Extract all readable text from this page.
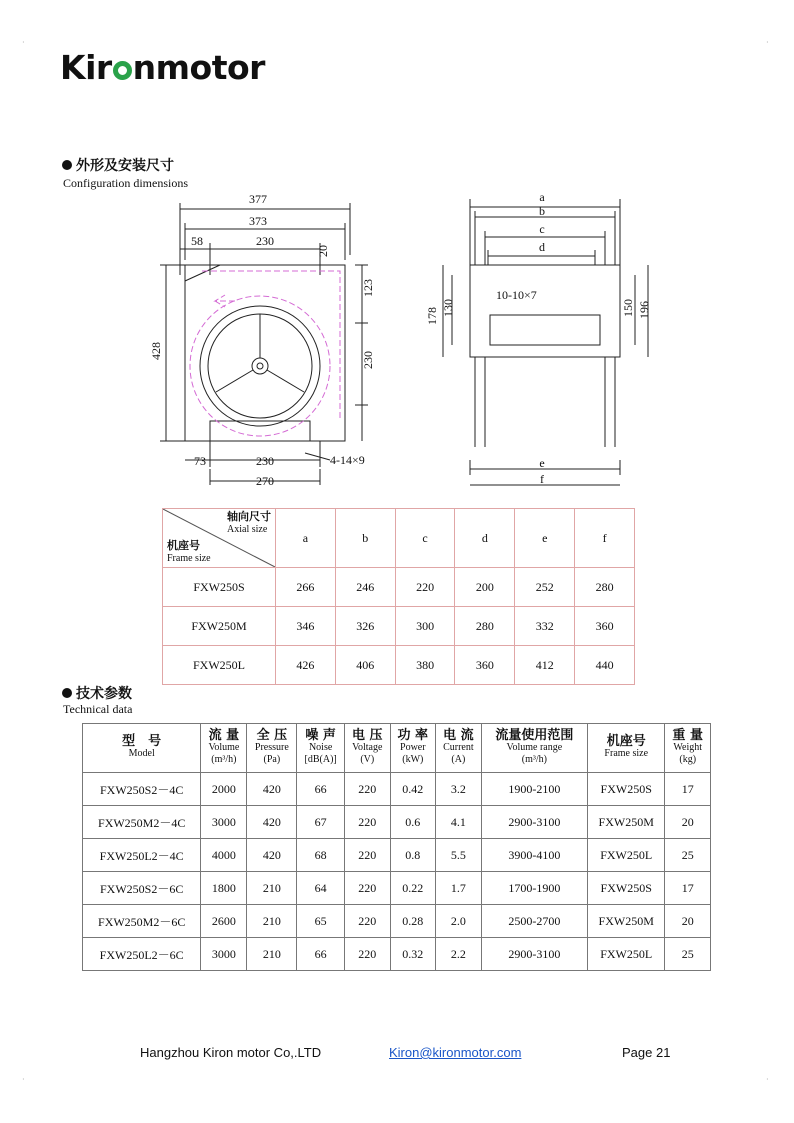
·	·
·	·
Kir nmotor
外形及安装尺寸
Configuration dimensions
377
373
58	230
20
123
428	230
73	230
270
4-14×9
a
b
c
d
178 130	150 196
e
f
10-10×7
轴向尺寸
Axial size
机座号
Frame size	a	b	c	d	e	f
FXW250S	266	246	220	200	252	280
FXW250M	346	326	300	280	332	360
FXW250L	426	406	380	360	412	440
技术参数
Technical data
型　号
Model	流 量
Volume
(m³/h)	全 压
Pressure
(Pa)	噪 声
Noise
[dB(A)]	电 压
Voltage
(V)	功 率
Power
(kW)	电 流
Current
(A)	流量使用范围
Volume range
(m³/h)	机座号
Frame size	重 量
Weight
(kg)

FXW250S2－4C	2000	420	66	220	0.42	3.2	1900-2100	FXW250S	17
FXW250M2－4C	3000	420	67	220	0.6	4.1	2900-3100	FXW250M	20
FXW250L2－4C	4000	420	68	220	0.8	5.5	3900-4100	FXW250L	25
FXW250S2－6C	1800	210	64	220	0.22	1.7	1700-1900	FXW250S	17
FXW250M2－6C	2600	210	65	220	0.28	2.0	2500-2700	FXW250M	20
FXW250L2－6C	3000	210	66	220	0.32	2.2	2900-3100	FXW250L	25
Hangzhou Kiron motor Co,.LTD	Kiron@kironmotor.com	Page 21
